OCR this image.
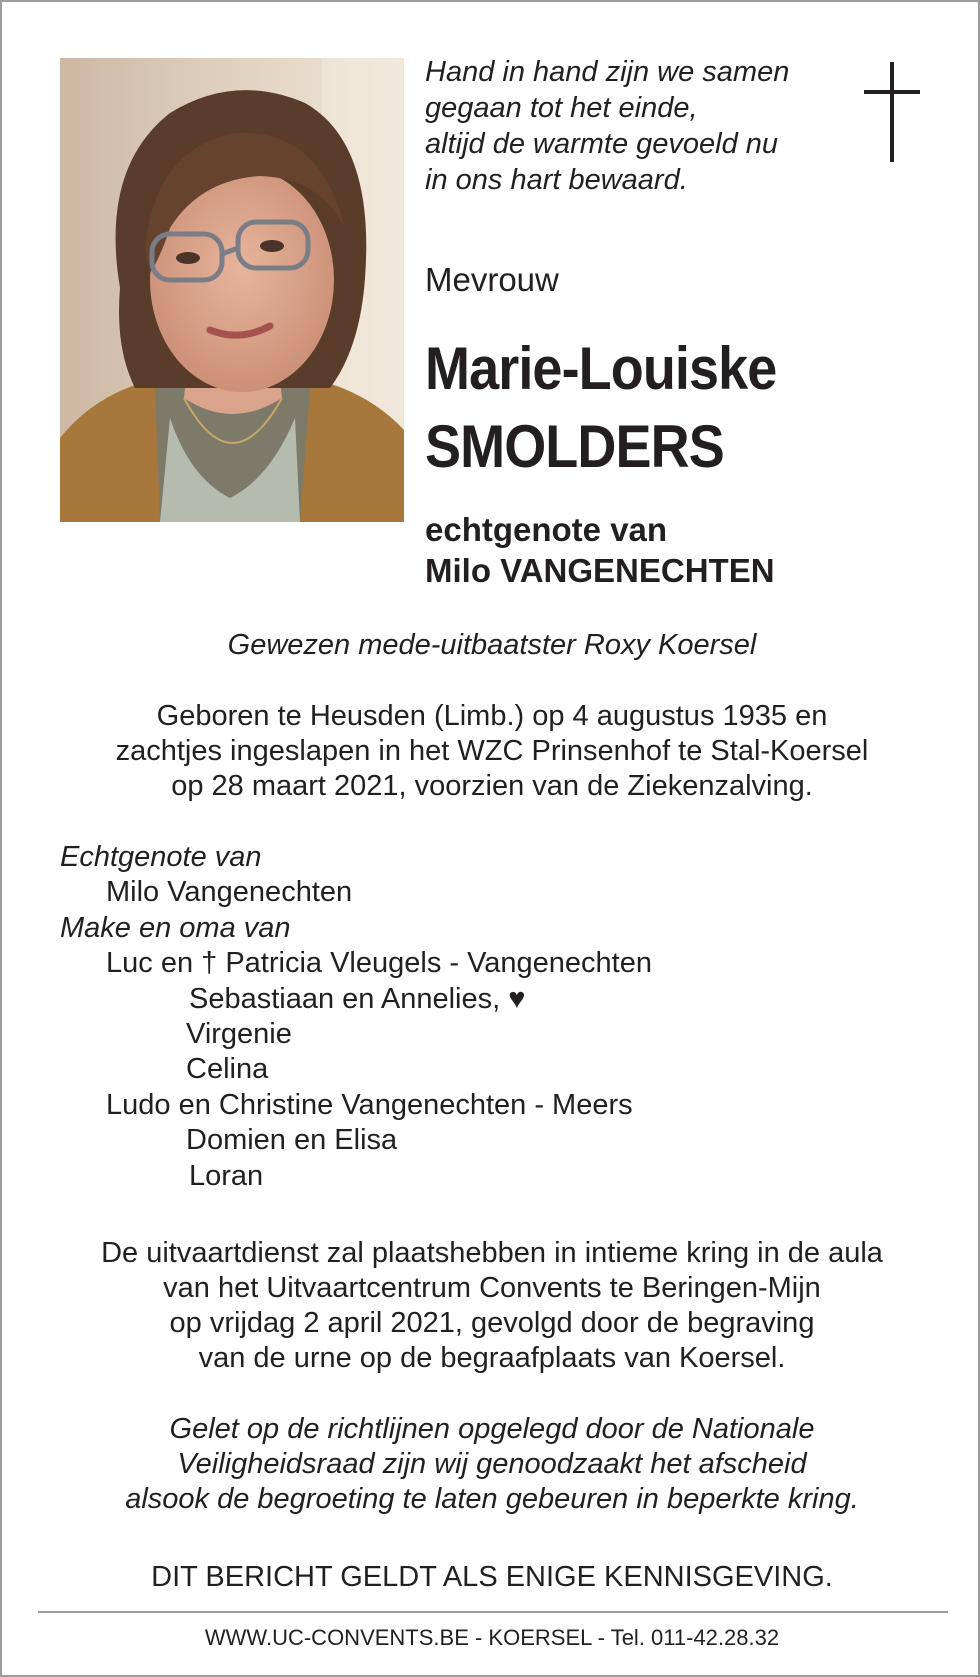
Hand in hand zijn we samen
gegaan tot het einde,
altijd de warmte gevoeld nu
in ons hart bewaard.
Mevrouw
Marie-Louiske
SMOLDERS
echtgenote van
Milo VANGENECHTEN
Gewezen mede-uitbaatster Roxy Koersel
Geboren te Heusden (Limb.) op 4 augustus 1935 en
zachtjes ingeslapen in het WZC Prinsenhof te Stal-Koersel
op 28 maart 2021, voorzien van de Ziekenzalving.
Echtgenote van
Milo Vangenechten
Make en oma van
Luc en † Patricia Vleugels - Vangenechten
Sebastiaan en Annelies, ♥
Virgenie
Celina
Ludo en Christine Vangenechten - Meers
Domien en Elisa
Loran
De uitvaartdienst zal plaatshebben in intieme kring in de aula
van het Uitvaartcentrum Convents te Beringen-Mijn
op vrijdag 2 april 2021, gevolgd door de begraving
van de urne op de begraafplaats van Koersel.
Gelet op de richtlijnen opgelegd door de Nationale
Veiligheidsraad zijn wij genoodzaakt het afscheid
alsook de begroeting te laten gebeuren in beperkte kring.
DIT BERICHT GELDT ALS ENIGE KENNISGEVING.
WWW.UC-CONVENTS.BE - KOERSEL - Tel. 011-42.28.32
